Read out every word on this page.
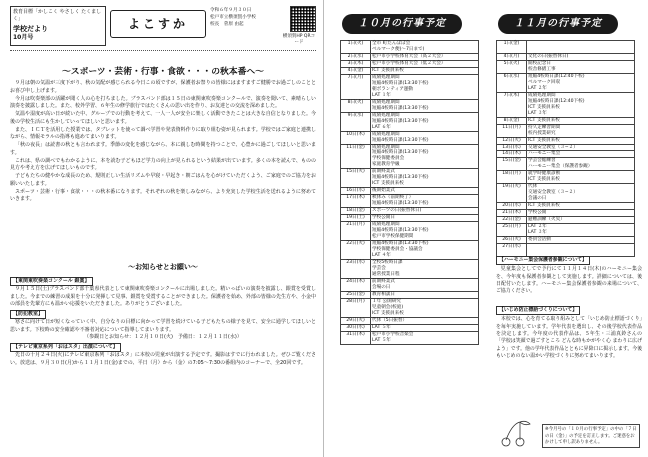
教育目標「かしこく やさしく たくましく」
学校だより
10月号
よこすか
令和６年９月３０日
松戸市立横須賀小学校
校長　菅原 由起
横須賀HP QRコード
〜スポーツ・芸術・行事・食欲・・・の秋本番へ〜

９月は朝の気温が三度下がり、秋の気配が感じられる今日この頃ですが、保護者お祭りの皆様にはますますご健勝でお過ごしのこととお喜び申し上げます。

今月は吹奏楽部の活躍が聞く人の心を打ちました。ブラスバンド部は１５日の東関東吹奏楽コンクールで、演奏を聞いて、素晴らしい演奏を披露しました。また、校外学習、６年生の修学旅行ではたくさんの思い出を作り、お友達との交流を深めました。

気温や湿度が高い日が続いた中、グループでの行動を考えて、一人一人が安全に楽しく活動できたことは大きな自信となりました。今後の学校生活にも生かしていってほしいと思います。

また、ＩＣＴを活用した授業では、タブレットを使って調べ学習や発表資料作りに取り組む姿が見られます。学校ではご家庭と連携しながら、情報モラルの指導も進めてまいります。

「秋の夜長」は読書の秋とも言われます。季節の変化を感じながら、本に親しむ時間を持つことで、心豊かに過ごしてほしいと思います。

これは、県の調べでもわかるように、本を読む子どもほど学力の向上が見られるという結果が出ています。多くの本を読んで、ものの見方や考え方を広げてほしいものです。

子どもたちの健やかな成長のため、規則正しい生活リズムや早寝・早起き・朝ごはんを心がけていただくよう、ご家庭でのご協力をお願いいたします。

スポーツ・芸術・行事・食欲・・・の秋本番になります。それぞれの秋を楽しみながら、より充実した学校生活を送れるように努めていきます。

〜お知らせとお願い〜
【東関東吹奏楽コンクール 銀賞】

９月１５日(土)ブラスバンド部千葉県代表として東関東吹奏楽コンクールに出場しました。精いっぱいの演奏を披露し、銀賞を受賞しました。今までの練習の成果を十分に発揮して見事、銀賞を受賞することができました。保護者を始め、外部の皆様の先生方や、小金中の部員を先輩方にも温かい応援をいただきました。ありがとうございました。

【防犯教室】

寒さに向けて日が短くなっていく中、自分なりの目標に向かって学習を続けている子どもたちの様子を見て、安全に通学してほしいと思います。下校時の安全確認や不審者対応について指導してまいります。

（参観日とお知らせ：１２月１０日(火)　予備日：１２月１１日(水)）

【テレビ東京系列「おはスタ」出演について】

先日の十月２４日(火)にテレビ東京系列「おはスタ」に本校の児童が出演する予定です。撮影はすでに行われました。ぜひご覧ください。放送は、９月３０日(月)から１１月１日(金)までの、平日（月）から（金）の7:05〜7:30の番組内のコーナーで、全20回です。

１０月の行事予定	１１月の行事予定
1日(火)	全市 町たんぽぽ会
ベルマーク便(〜7日まで)

2日(水)	松戸市小学校体育大会（高２大会）

3日(木)	松戸市小学校体育大会（低２大会）

4日(金)	ICT 支援員来校

7日(月)	成績処理期間
短縮4校時日課(13:30下校)
朝ボランティア運動
LAT １年

8日(火)	成績処理期間
短縮4校時日課(13:30下校)

9日(水)	成績処理期間
短縮4校時日課(13:30下校)
LAT ６年

10日(木)	成績処理期間
短縮4校時日課(13:30下校)

11日(金)	成績処理期間
短縮4校時日課(13:30下校)
学校保健委員会
家庭教育学級

15日(火)	前期終業式
短縮4校時日課(13:30下校)
ICT 支援員来校

16日(水)	後期始業式

17日(木)	秋休み（前期終了）
短縮4校時日課(13:30下校)

18日(金)	スポーツの日(振替休日)

19日(土)	学校公開日

21日(月)	成績処理期間
短縮4校時日課(13:30下校)
松戸市学校保健期間

22日(火)	短縮4校時日課(13:30下校)
学校保健委員会・協議会
LAT ４年

23日(水)	全校5校時日課
学芸会
通常授業日程

24日(木)	前期終業式
会場の日

25日(金)	教育相談日

28日(月)	１年 公開研究
児童朝会(校庭)
ICT 支援員来校

29日(火)	代休（5日振替）

30日(水)	LAT ５年

31日(木)	松戸市小学校音楽会
LAT ５年
1日(金)	

4日(月)	文化の日(振替休日)

5日(火)	開校記念日
校舎修繕工事

6日(水)	短縮4校時日課(12:40下校)
ベルマーク回収
LAT ２年

7日(木)	成績処理期間
短縮4校時日課(12:40下校)
ICT 支援員来校
LAT ３年

8日(金)	ICT 支援員来校

11日(月)	持久走練習期間
校内授業研究

12日(火)	ICT 支援員来校

13日(水)	交通安全教室（３−２）

14日(木)	ハーモニー集会

15日(金)	学芸会総練習
ハーモニー集会（保護者参観）

18日(月)	就学時健康診断
ICT 支援員来校

19日(火)	代休
交通安全教室（３−２）
会議の日

20日(水)	ICT 支援員来校

21日(木)	学校公開

22日(金)	避難訓練（火災）

25日(月)	LAT ２年
LAT ３年

26日(火)	委員会活動

27日(水)	

【ハーモニー集会保護者参観について】

児童集会としてで予行にて１１月１４日(木)のハーモニー集会を、今年度も保護者参観として実施します。詳細については、後日配付いたします。ハーモニー集会保護者参観の来場について、ご協力ください。

【いじめ防止標語づくりについて】

本校では、心を育てる取り組みとして「いじめ防止標語づくり」を毎年実施しています。学年代表を選出し、その後学校代表作品を決定します。今年度の代表作品は、５年生・三浦真鈴さんの「学校は笑顔で過ごすところ どんな時もかがやく心 まわりに広げよう」です。他の学年代表作品とともに昇降口に掲示します。今後もいじめのない温かい学校づくりに努めてまいります。

※今月号の「１０月の行事予定」の中の「７日の日（金）」の予定を訂正します。ご迷惑をおかけして申し訳ありません。
